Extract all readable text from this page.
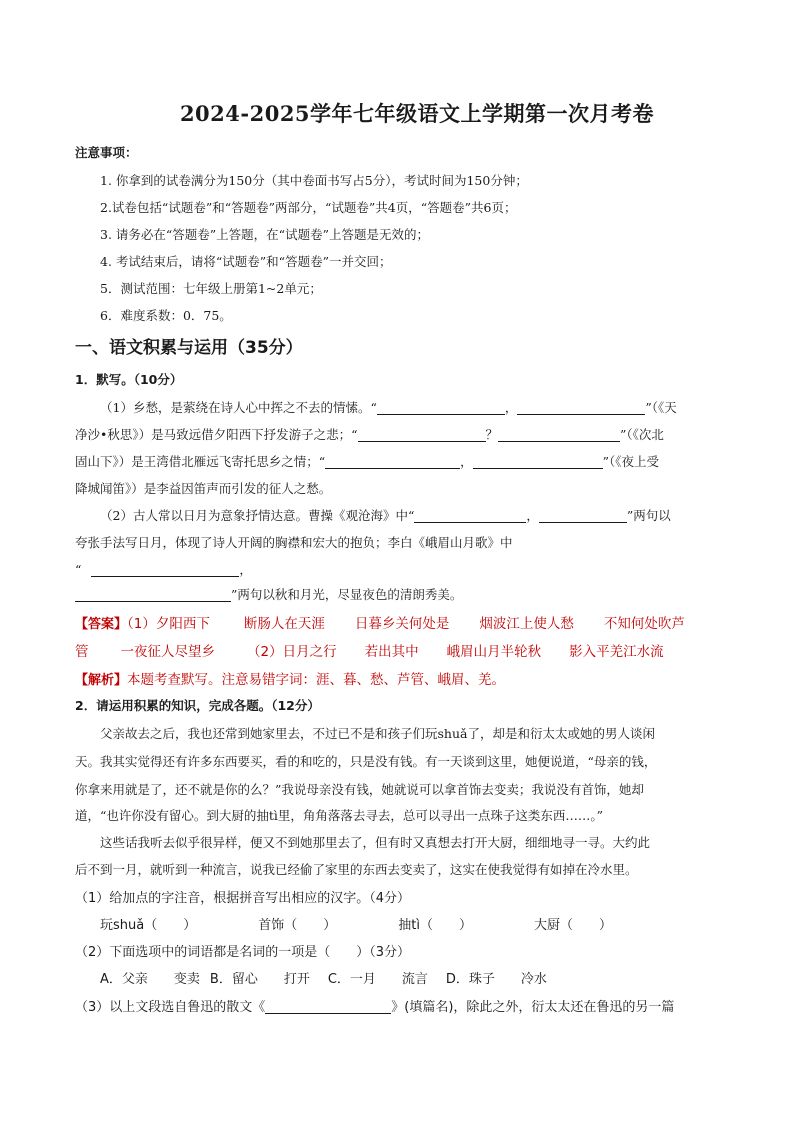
2024-2025学年七年级语文上学期第一次月考卷
注意事项：
1. 你拿到的试卷满分为150分（其中卷面书写占5分），考试时间为150分钟；
2.试卷包括“试题卷”和“答题卷”两部分，“试题卷”共4页，“答题卷”共6页；
3. 请务必在“答题卷”上答题，在“试题卷”上答题是无效的；
4. 考试结束后，请将“试题卷”和“答题卷”一并交回；
5．测试范围：七年级上册第1~2单元；
6．难度系数：0．75。
一、语文积累与运用（35分）
1．默写。（10分）
（1）乡愁，是萦绕在诗人心中挥之不去的情愫。“	，	”（《天
净沙•秋思》）是马致远借夕阳西下抒发游子之悲；“	？	”（《次北
固山下》）是王湾借北雁远飞寄托思乡之情；“	，	”（《夜上受
降城闻笛》）是李益因笛声而引发的征人之愁。
（2）古人常以日月为意象抒情达意。曹操《观沧海》中“	，	”两句以
夸张手法写日月，体现了诗人开阔的胸襟和宏大的抱负；李白《峨眉山月歌》中
“	，
”两句以秋和月光，尽显夜色的清朗秀美。
【答案】（1）夕阳西下	断肠人在天涯 日暮乡关何处是 烟波江上使人愁 不知何处吹芦
管 一夜征人尽望乡 （2）日月之行 若出其中 峨眉山月半轮秋 影入平羌江水流
【解析】本题考查默写。注意易错字词：涯、暮、愁、芦管、峨眉、羌。
2．请运用积累的知识，完成各题。（12分）
父亲故去之后，我也还常到她家里去，不过已不是和孩子们玩shuǎ了，却是和衍太太或她的男人谈闲
天。我其实觉得还有许多东西要买，看的和吃的，只是没有钱。有一天谈到这里，她便说道，“母亲的钱，
你拿来用就是了，还不就是你的么？”我说母亲没有钱，她就说可以拿首饰去变卖；我说没有首饰，她却
道，“也许你没有留心。到大厨的抽tì里，角角落落去寻去，总可以寻出一点珠子这类东西……。”
这些话我听去似乎很异样，便又不到她那里去了，但有时又真想去打开大厨，细细地寻一寻。大约此
后不到一月，就听到一种流言，说我已经偷了家里的东西去变卖了，这实在使我觉得有如掉在冷水里。
（1）给加点的字注音，根据拼音写出相应的汉字。（4分）
玩shuǎ（　　）	首饰（　　）	抽tì（　　）	大厨（　　）
（2）下面选项中的词语都是名词的一项是（　　）（3分）
A．父亲　　变卖 B．留心　　打开 C．一月　　流言 D．珠子　　冷水
（3）以上文段选自鲁迅的散文《	》(填篇名)，除此之外，衍太太还在鲁迅的另一篇
